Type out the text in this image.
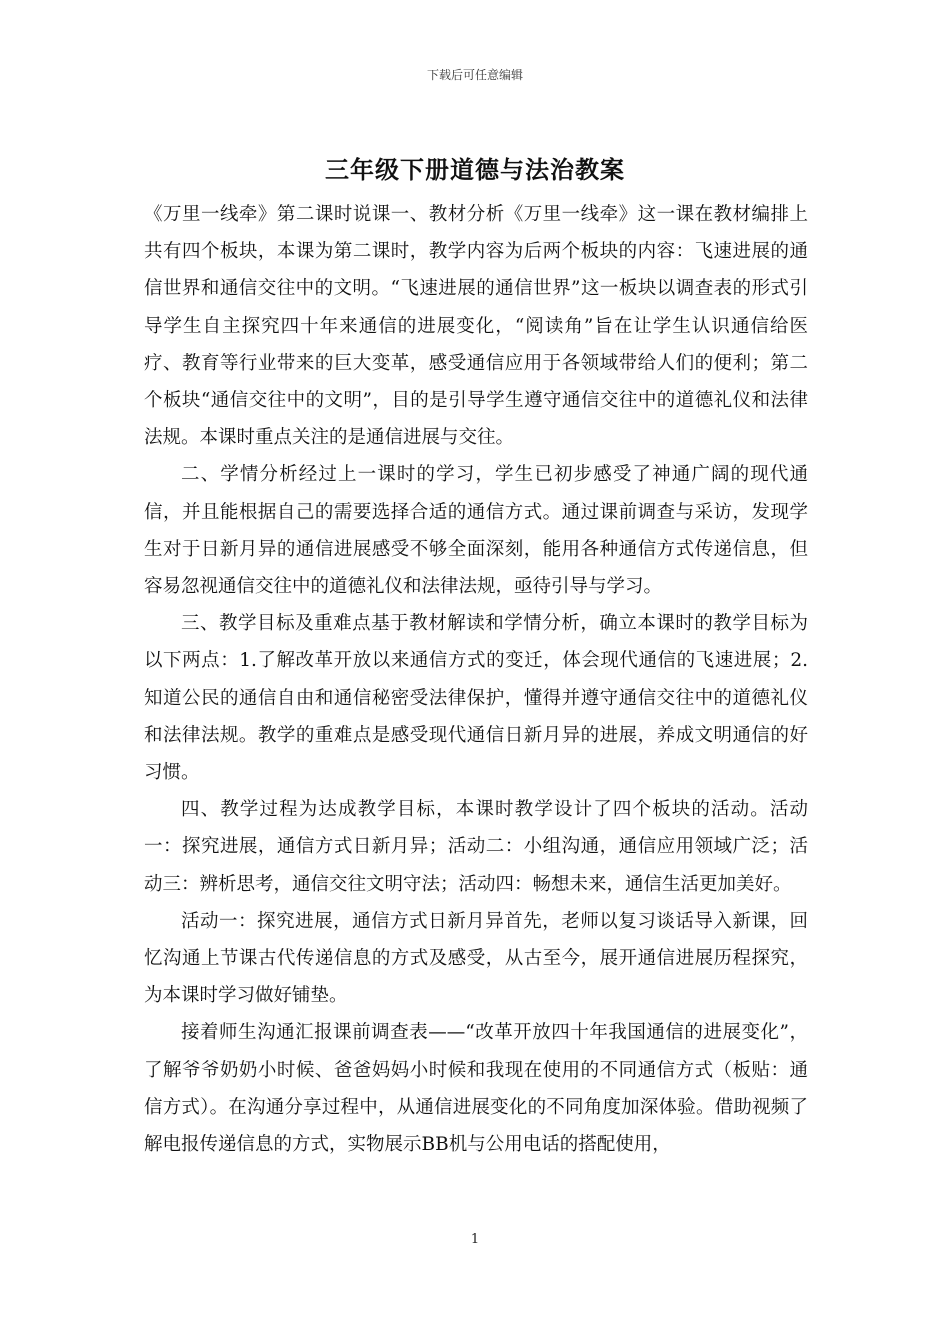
下载后可任意编辑
三年级下册道德与法治教案

《万里一线牵》第二课时说课一、教材分析《万里一线牵》这一课在教材编排上共有四个板块，本课为第二课时，教学内容为后两个板块的内容：飞速进展的通信世界和通信交往中的文明。“飞速进展的通信世界”这一板块以调查表的形式引导学生自主探究四十年来通信的进展变化，“阅读角”旨在让学生认识通信给医疗、教育等行业带来的巨大变革，感受通信应用于各领域带给人们的便利；第二个板块“通信交往中的文明”，目的是引导学生遵守通信交往中的道德礼仪和法律法规。本课时重点关注的是通信进展与交往。

二、学情分析经过上一课时的学习，学生已初步感受了神通广阔的现代通信，并且能根据自己的需要选择合适的通信方式。通过课前调查与采访，发现学生对于日新月异的通信进展感受不够全面深刻，能用各种通信方式传递信息，但容易忽视通信交往中的道德礼仪和法律法规，亟待引导与学习。

三、教学目标及重难点基于教材解读和学情分析，确立本课时的教学目标为以下两点：1.了解改革开放以来通信方式的变迁，体会现代通信的飞速进展；2.知道公民的通信自由和通信秘密受法律保护，懂得并遵守通信交往中的道德礼仪和法律法规。教学的重难点是感受现代通信日新月异的进展，养成文明通信的好习惯。

四、教学过程为达成教学目标，本课时教学设计了四个板块的活动。活动一：探究进展，通信方式日新月异；活动二：小组沟通，通信应用领域广泛；活动三：辨析思考，通信交往文明守法；活动四：畅想未来，通信生活更加美好。

活动一：探究进展，通信方式日新月异首先，老师以复习谈话导入新课，回忆沟通上节课古代传递信息的方式及感受，从古至今，展开通信进展历程探究，为本课时学习做好铺垫。

接着师生沟通汇报课前调查表——“改革开放四十年我国通信的进展变化”，了解爷爷奶奶小时候、爸爸妈妈小时候和我现在使用的不同通信方式（板贴：通信方式）。在沟通分享过程中，从通信进展变化的不同角度加深体验。借助视频了解电报传递信息的方式，实物展示BB机与公用电话的搭配使用，

1
